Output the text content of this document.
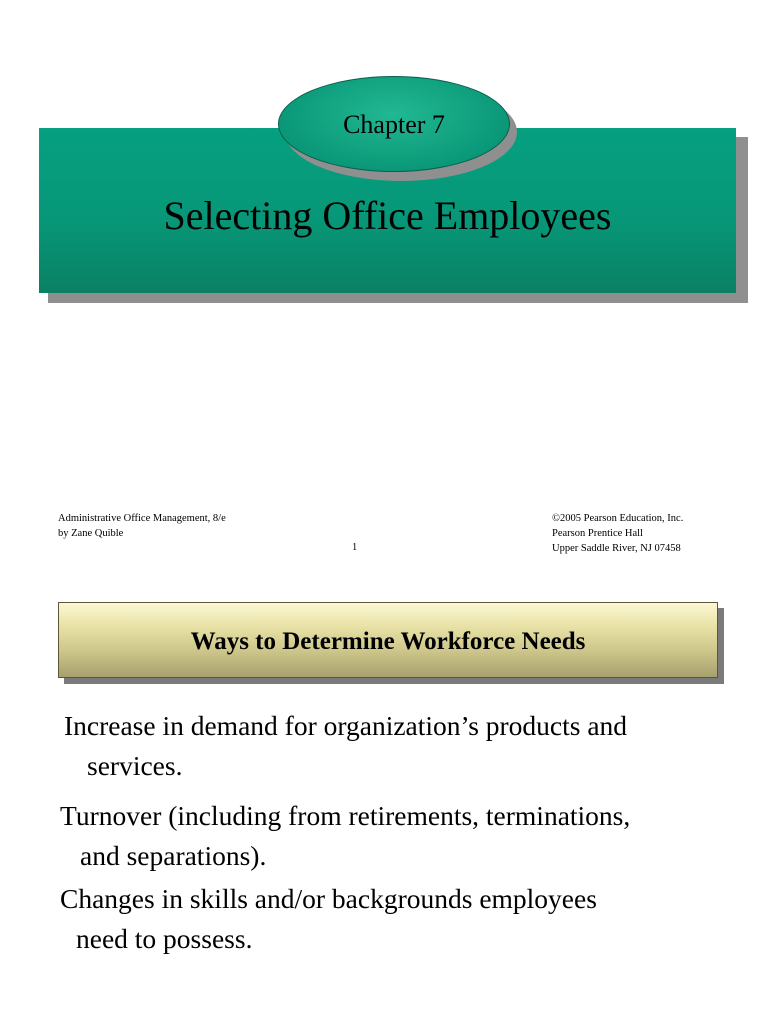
Selecting Office Employees
Chapter 7
Administrative Office Management, 8/e
by Zane Quible
1
©2005 Pearson Education, Inc.
Pearson Prentice Hall
Upper Saddle River, NJ 07458
Ways to Determine Workforce Needs
Increase in demand for organization’s products and
services.
Turnover (including from retirements, terminations,
and separations).
Changes in skills and/or backgrounds employees
need to possess.
